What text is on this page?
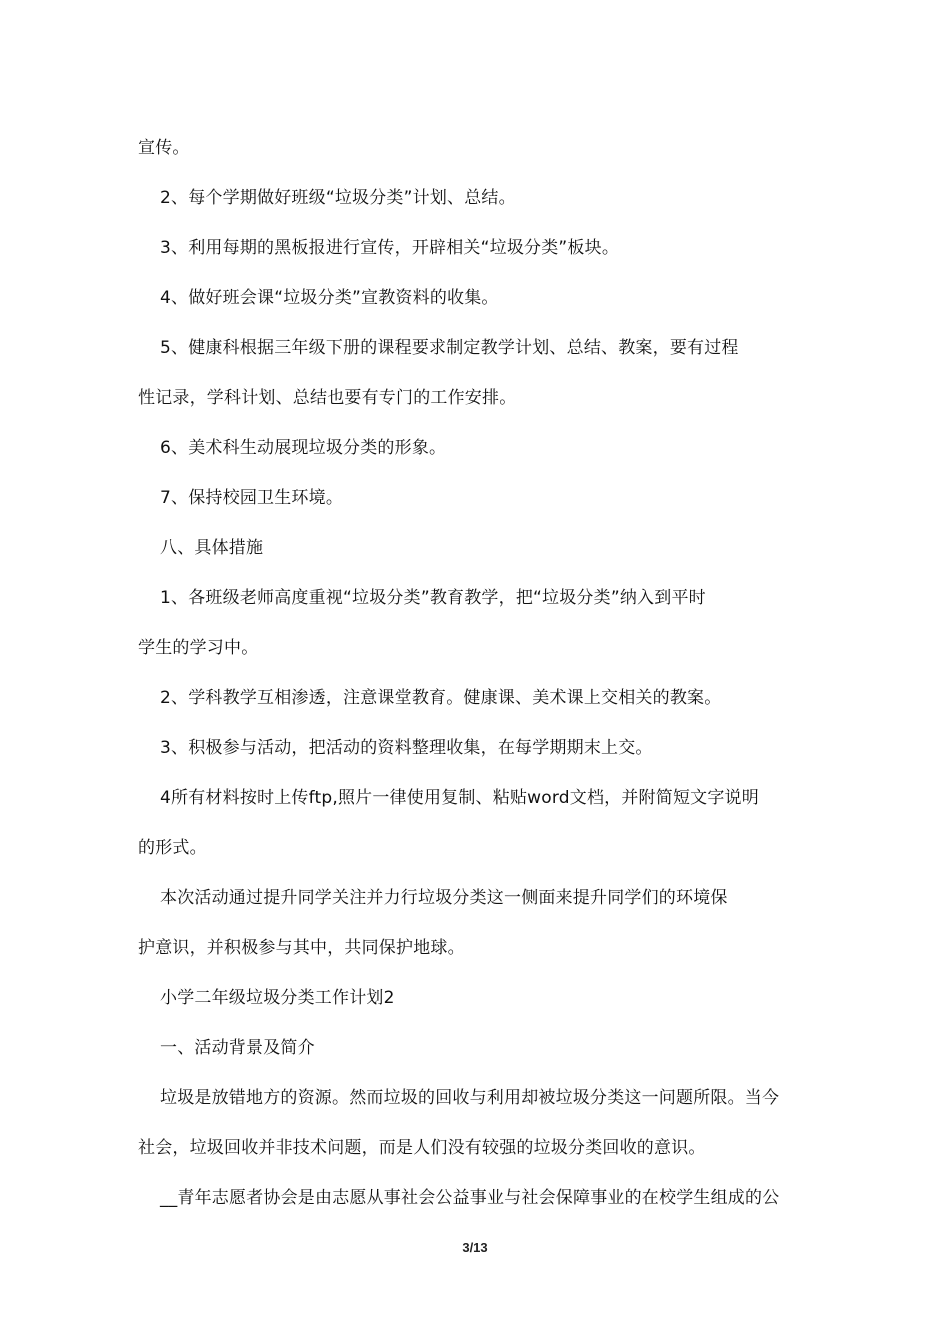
宣传。
2、每个学期做好班级“垃圾分类”计划、总结。
3、利用每期的黑板报进行宣传，开辟相关“垃圾分类”板块。
4、做好班会课“垃圾分类”宣教资料的收集。
5、健康科根据三年级下册的课程要求制定教学计划、总结、教案，要有过程
性记录，学科计划、总结也要有专门的工作安排。
6、美术科生动展现垃圾分类的形象。
7、保持校园卫生环境。
八、具体措施
1、各班级老师高度重视“垃圾分类”教育教学，把“垃圾分类”纳入到平时
学生的学习中。
2、学科教学互相渗透，注意课堂教育。健康课、美术课上交相关的教案。
3、积极参与活动，把活动的资料整理收集，在每学期期末上交。
4所有材料按时上传ftp,照片一律使用复制、粘贴word文档，并附简短文字说明
的形式。
本次活动通过提升同学关注并力行垃圾分类这一侧面来提升同学们的环境保
护意识，并积极参与其中，共同保护地球。
小学二年级垃圾分类工作计划2
一、活动背景及简介
垃圾是放错地方的资源。然而垃圾的回收与利用却被垃圾分类这一问题所限。当今
社会，垃圾回收并非技术问题，而是人们没有较强的垃圾分类回收的意识。
__青年志愿者协会是由志愿从事社会公益事业与社会保障事业的在校学生组成的公
3/13
